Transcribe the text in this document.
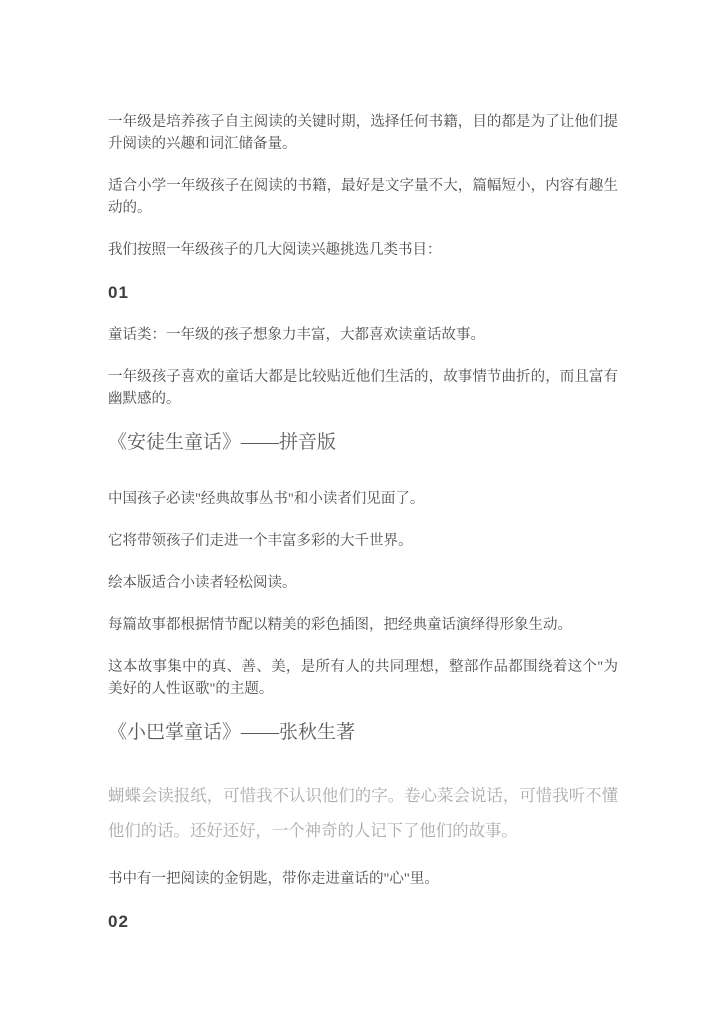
一年级是培养孩子自主阅读的关键时期，选择任何书籍，目的都是为了让他们提升阅读的兴趣和词汇储备量。

适合小学一年级孩子在阅读的书籍，最好是文字量不大，篇幅短小，内容有趣生动的。

我们按照一年级孩子的几大阅读兴趣挑选几类书目：

01

童话类：一年级的孩子想象力丰富，大都喜欢读童话故事。

一年级孩子喜欢的童话大都是比较贴近他们生活的，故事情节曲折的，而且富有幽默感的。

《安徒生童话》——拼音版

中国孩子必读"经典故事丛书"和小读者们见面了。

它将带领孩子们走进一个丰富多彩的大千世界。

绘本版适合小读者轻松阅读。

每篇故事都根据情节配以精美的彩色插图，把经典童话演绎得形象生动。

这本故事集中的真、善、美，是所有人的共同理想，整部作品都围绕着这个"为美好的人性讴歌"的主题。

《小巴掌童话》——张秋生著

蝴蝶会读报纸，可惜我不认识他们的字。卷心菜会说话，可惜我听不懂他们的话。还好还好，一个神奇的人记下了他们的故事。

书中有一把阅读的金钥匙，带你走进童话的"心"里。

02
